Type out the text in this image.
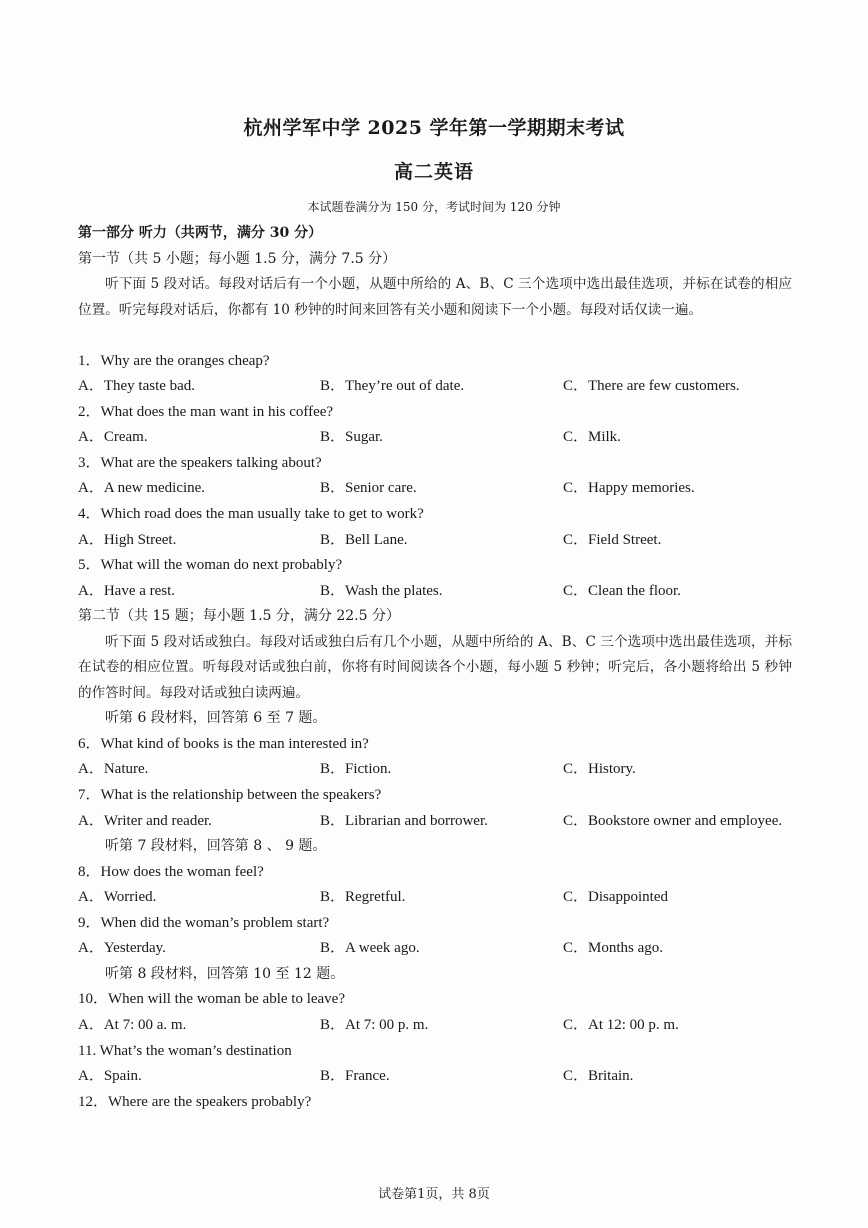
杭州学军中学 2025 学年第一学期期末考试
高二英语
本试题卷满分为 150 分，考试时间为 120 分钟
第一部分 听力（共两节，满分 30 分）
第一节（共 5 小题；每小题 1.5 分，满分 7.5 分）
听下面 5 段对话。每段对话后有一个小题，从题中所给的 A、B、C 三个选项中选出最佳选项，并标在试卷的相应位置。听完每段对话后，你都有 10 秒钟的时间来回答有关小题和阅读下一个小题。每段对话仅读一遍。
1．Why are the oranges cheap?
A．They taste bad.	B．They’re out of date.	C．There are few customers.
2．What does the man want in his coffee?
A．Cream.	B．Sugar.	C．Milk.
3．What are the speakers talking about?
A．A new medicine.	B．Senior care.	C．Happy memories.
4．Which road does the man usually take to get to work?
A．High Street.	B．Bell Lane.	C．Field Street.
5．What will the woman do next probably?
A．Have a rest.	B．Wash the plates.	C．Clean the floor.
第二节（共 15 题；每小题 1.5 分，满分 22.5 分）
听下面 5 段对话或独白。每段对话或独白后有几个小题，从题中所给的 A、B、C 三个选项中选出最佳选项，并标在试卷的相应位置。听每段对话或独白前，你将有时间阅读各个小题，每小题 5 秒钟；听完后，各小题将给出 5 秒钟的作答时间。每段对话或独白读两遍。
听第 6 段材料，回答第 6 至 7 题。
6．What kind of books is the man interested in?
A．Nature.	B．Fiction.	C．History.
7．What is the relationship between the speakers?
A．Writer and reader.	B．Librarian and borrower.	C．Bookstore owner and employee.
听第 7 段材料，回答第 8 、 9 题。
8．How does the woman feel?
A．Worried.	B．Regretful.	C．Disappointed
9．When did the woman’s problem start?
A．Yesterday.	B．A week ago.	C．Months ago.
听第 8 段材料，回答第 10 至 12 题。
10．When will the woman be able to leave?
A．At 7: 00 a. m.	B．At 7: 00 p. m.	C．At 12: 00 p. m.
11. What’s the woman’s destination
A．Spain.	B．France.	C．Britain.
12．Where are the speakers probably?
试卷第1页，共 8页
